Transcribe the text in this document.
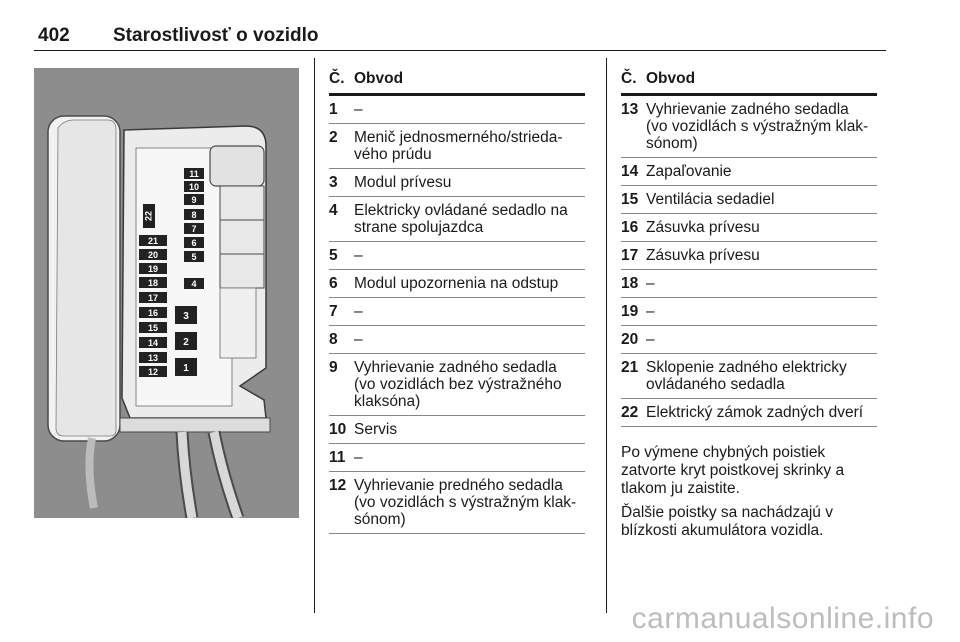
402 Starostlivosť o vozidlo
11
10
9
8
7
6
5
4
22
21
20
19
18
17
16
15
14
13
12
3
2
1
Č. Obvod
1	–
2	Menič jednosmerného/strieda-
vého prúdu
3	Modul prívesu
4	Elektricky ovládané sedadlo na
strane spolujazdca
5	–
6	Modul upozornenia na odstup
7	–
8	–
9	Vyhrievanie zadného sedadla
(vo vozidlách bez výstražného
klaksóna)
10 Servis
11 –
12 Vyhrievanie predného sedadla
(vo vozidlách s výstražným klak-
sónom)
Č. Obvod
13 Vyhrievanie zadného sedadla
(vo vozidlách s výstražným klak-
sónom)
14 Zapaľovanie
15 Ventilácia sedadiel
16 Zásuvka prívesu
17 Zásuvka prívesu
18 –
19 –
20 –
21 Sklopenie zadného elektricky
ovládaného sedadla
22 Elektrický zámok zadných dverí

Po výmene chybných poistiek
zatvorte kryt poistkovej skrinky a
tlakom ju zaistite.

Ďalšie poistky sa nachádzajú v
blízkosti akumulátora vozidla.

carmanualsonline.info
